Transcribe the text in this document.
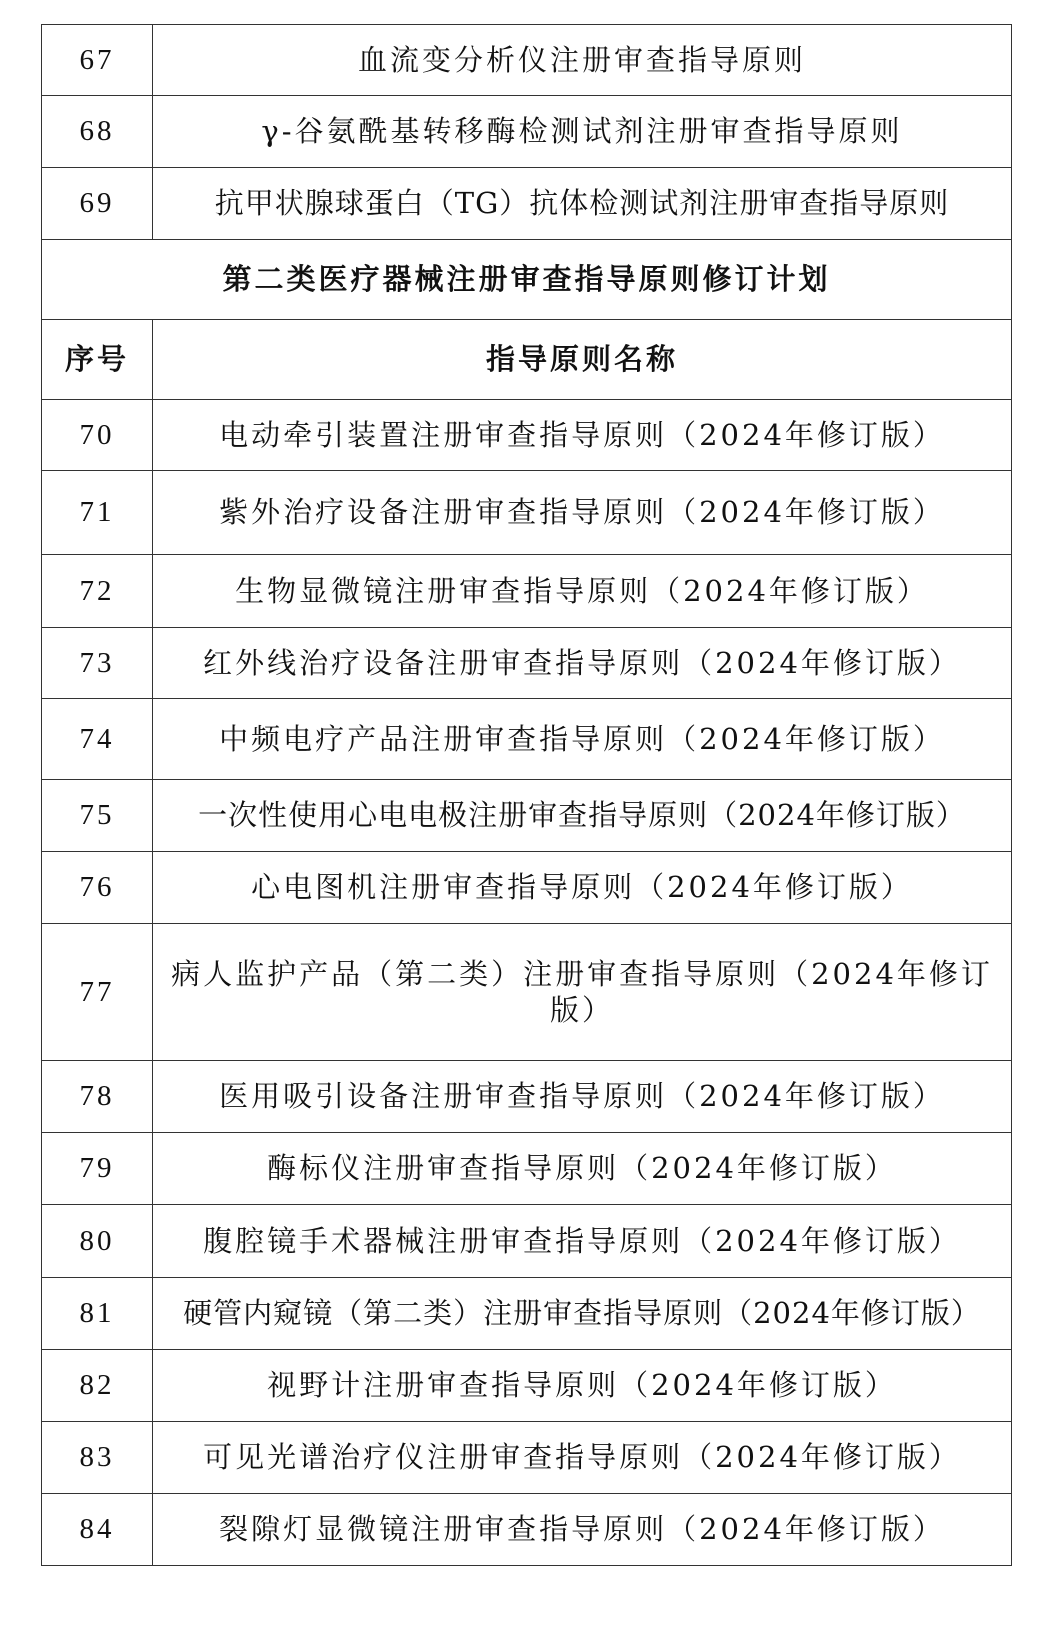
67	血流变分析仪注册审查指导原则
68	γ-谷氨酰基转移酶检测试剂注册审查指导原则
69	抗甲状腺球蛋白（TG）抗体检测试剂注册审查指导原则
第二类医疗器械注册审查指导原则修订计划	
序号	指导原则名称
70	电动牵引装置注册审查指导原则（2024年修订版）
71	紫外治疗设备注册审查指导原则（2024年修订版）
72	生物显微镜注册审查指导原则（2024年修订版）
73	红外线治疗设备注册审查指导原则（2024年修订版）
74	中频电疗产品注册审查指导原则（2024年修订版）
75	一次性使用心电电极注册审查指导原则（2024年修订版）
76	心电图机注册审查指导原则（2024年修订版）
77	病人监护产品（第二类）注册审查指导原则（2024年修订版）
78	医用吸引设备注册审查指导原则（2024年修订版）
79	酶标仪注册审查指导原则（2024年修订版）
80	腹腔镜手术器械注册审查指导原则（2024年修订版）
81	硬管内窥镜（第二类）注册审查指导原则（2024年修订版）
82	视野计注册审查指导原则（2024年修订版）
83	可见光谱治疗仪注册审查指导原则（2024年修订版）
84	裂隙灯显微镜注册审查指导原则（2024年修订版）
